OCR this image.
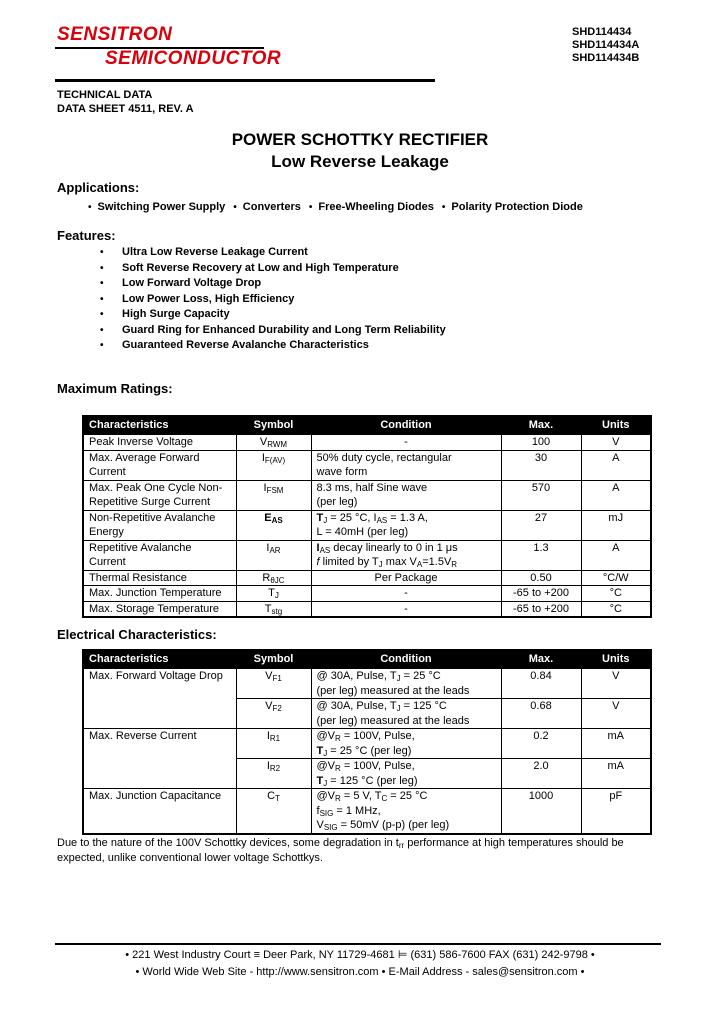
SENSITRON
SEMICONDUCTOR
SHD114434
SHD114434A
SHD114434B
TECHNICAL DATA
DATA SHEET 4511, REV. A
POWER SCHOTTKY RECTIFIER
Low Reverse Leakage
Applications:
• Switching Power Supply • Converters • Free-Wheeling Diodes • Polarity Protection Diode
Features:
• Ultra Low Reverse Leakage Current
• Soft Reverse Recovery at Low and High Temperature
• Low Forward Voltage Drop
• Low Power Loss, High Efficiency
• High Surge Capacity
• Guard Ring for Enhanced Durability and Long Term Reliability
• Guaranteed Reverse Avalanche Characteristics
Maximum Ratings:
Characteristics	Symbol	Condition	Max.	Units
Peak Inverse Voltage	$V_{RWM}$	-	100	V
Max. Average Forward Current	$I_{F(AV)}$	50% duty cycle, rectangular
wave form	30	A
Max. Peak One Cycle Non-Repetitive Surge Current	$I_{FSM}$	8.3 ms, half Sine wave
(per leg)	570	A
Non-Repetitive Avalanche Energy	$E_{AS}$	$T_J = 25$ °C, $I_{AS} = 1.3$ A,
L = 40mH (per leg)	27	mJ
Repetitive Avalanche Current	$I_{AR}$	$I_{AS}$ decay linearly to 0 in 1 μs
f limited by $T_J$ $\max V_A=1.5V_R$	1.3	A
Thermal Resistance	$R_{\theta JC}$	Per Package	0.50	°C/W
Max. Junction Temperature	$T_J$	-	-65 to +200	°C
Max. Storage Temperature	$T_{stg}$	-	-65 to +200	°C
Electrical Characteristics:
Characteristics	Symbol	Condition	Max.	Units
Max. Forward Voltage Drop	$V_{F1}$	@ 30A, Pulse, $T_J = 25$ °C
(per leg) measured at the leads	0.84	V
	$V_{F2}$	@ 30A, Pulse, $T_J = 125$ °C
(per leg) measured at the leads	0.68	V
Max. Reverse Current	$I_{R1}$	$@V_R = 100V$, Pulse,
$T_J = 25$ °C (per leg)	0.2	mA
	$I_{R2}$	$@V_R = 100V$, Pulse,
$T_J = 125$ °C (per leg)	2.0	mA
Max. Junction Capacitance	$C_T$	$@V_R = 5$ V, $T_C = 25$ °C
$f_{SIG} = 1$ MHz,
$V_{SIG} = 50mV$ (p-p) (per leg)	1000	pF
Due to the nature of the 100V Schottky devices, some degradation in $t_{rr}$ performance at high temperatures should be expected, unlike conventional lower voltage Schottkys.
• 221 West Industry Court ≡ Deer Park, NY 11729-4681 ⊨ (631) 586-7600 FAX (631) 242-9798 •
• World Wide Web Site - http://www.sensitron.com • E-Mail Address - sales@sensitron.com •
